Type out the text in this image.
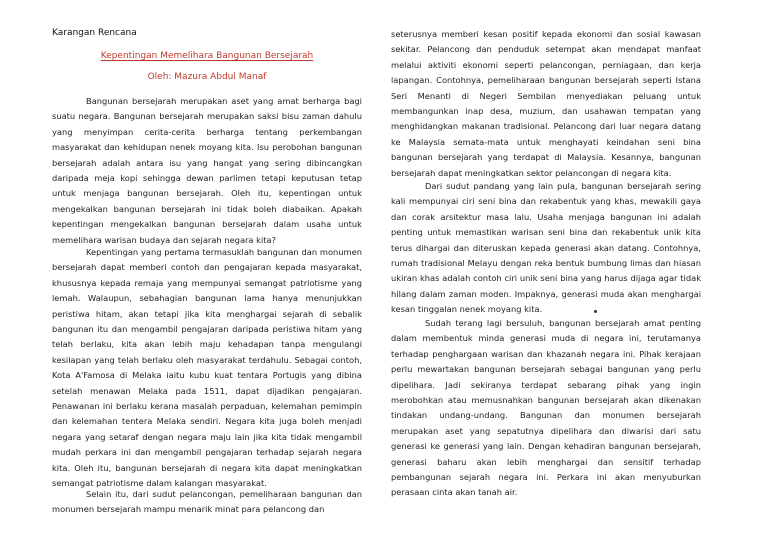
Karangan Rencana
Kepentingan Memelihara Bangunan Bersejarah
Oleh: Mazura Abdul Manaf

Bangunan bersejarah merupakan aset yang amat berharga bagi suatu negara. Bangunan bersejarah merupakan saksi bisu zaman dahulu yang menyimpan cerita-cerita berharga tentang perkembangan masyarakat dan kehidupan nenek moyang kita. Isu perobohan bangunan bersejarah adalah antara isu yang hangat yang sering dibincangkan daripada meja kopi sehingga dewan parlimen tetapi keputusan tetap untuk menjaga bangunan bersejarah. Oleh itu, kepentingan untuk mengekalkan bangunan bersejarah ini tidak boleh diabaikan. Apakah kepentingan mengekalkan bangunan bersejarah dalam usaha untuk memelihara warisan budaya dan sejarah negara kita?

Kepentingan yang pertama termasuklah bangunan dan monumen bersejarah dapat memberi contoh dan pengajaran kepada masyarakat, khususnya kepada remaja yang mempunyai semangat patriotisme yang lemah. Walaupun, sebahagian bangunan lama hanya menunjukkan peristiwa hitam, akan tetapi jika kita menghargai sejarah di sebalik bangunan itu dan mengambil pengajaran daripada peristiwa hitam yang telah berlaku, kita akan lebih maju kehadapan tanpa mengulangi kesilapan yang telah berlaku oleh masyarakat terdahulu. Sebagai contoh, Kota A'Famosa di Melaka iaitu kubu kuat tentara Portugis yang dibina setelah menawan Melaka pada 1511, dapat dijadikan pengajaran. Penawanan ini berlaku kerana masalah perpaduan, kelemahan pemimpin dan kelemahan tentera Melaka sendiri. Negara kita juga boleh menjadi negara yang setaraf dengan negara maju lain jika kita tidak mengambil mudah perkara ini dan mengambil pengajaran terhadap sejarah negara kita. Oleh itu, bangunan bersejarah di negara kita dapat meningkatkan semangat patriotisme dalam kalangan masyarakat.

Selain itu, dari sudut pelancongan, pemeliharaan bangunan dan monumen bersejarah mampu menarik minat para pelancong dan

seterusnya memberi kesan positif kepada ekonomi dan sosial kawasan sekitar. Pelancong dan penduduk setempat akan mendapat manfaat melalui aktiviti ekonomi seperti pelancongan, perniagaan, dan kerja lapangan. Contohnya, pemeliharaan bangunan bersejarah seperti Istana Seri Menanti di Negeri Sembilan menyediakan peluang untuk membangunkan inap desa, muzium, dan usahawan tempatan yang menghidangkan makanan tradisional. Pelancong dari luar negara datang ke Malaysia semata-mata untuk menghayati keindahan seni bina bangunan bersejarah yang terdapat di Malaysia. Kesannya, bangunan bersejarah dapat meningkatkan sektor pelancongan di negara kita.

Dari sudut pandang yang lain pula, bangunan bersejarah sering kali mempunyai ciri seni bina dan rekabentuk yang khas, mewakili gaya dan corak arsitektur masa lalu. Usaha menjaga bangunan ini adalah penting untuk memastikan warisan seni bina dan rekabentuk unik kita terus dihargai dan diteruskan kepada generasi akan datang. Contohnya, rumah tradisional Melayu dengan reka bentuk bumbung limas dan hiasan ukiran khas adalah contoh ciri unik seni bina yang harus dijaga agar tidak hilang dalam zaman moden. Impaknya, generasi muda akan menghargai kesan tinggalan nenek moyang kita.

Sudah terang lagi bersuluh, bangunan bersejarah amat penting dalam membentuk minda generasi muda di negara ini, terutamanya terhadap penghargaan warisan dan khazanah negara ini. Pihak kerajaan perlu mewartakan bangunan bersejarah sebagai bangunan yang perlu dipelihara. Jadi sekiranya terdapat sebarang pihak yang ingin merobohkan atau memusnahkan bangunan bersejarah akan dikenakan tindakan undang-undang. Bangunan dan monumen bersejarah merupakan aset yang sepatutnya dipelihara dan diwarisi dari satu generasi ke generasi yang lain. Dengan kehadiran bangunan bersejarah, generasi baharu akan lebih menghargai dan sensitif terhadap pembangunan sejarah negara ini. Perkara ini akan menyuburkan perasaan cinta akan tanah air.
